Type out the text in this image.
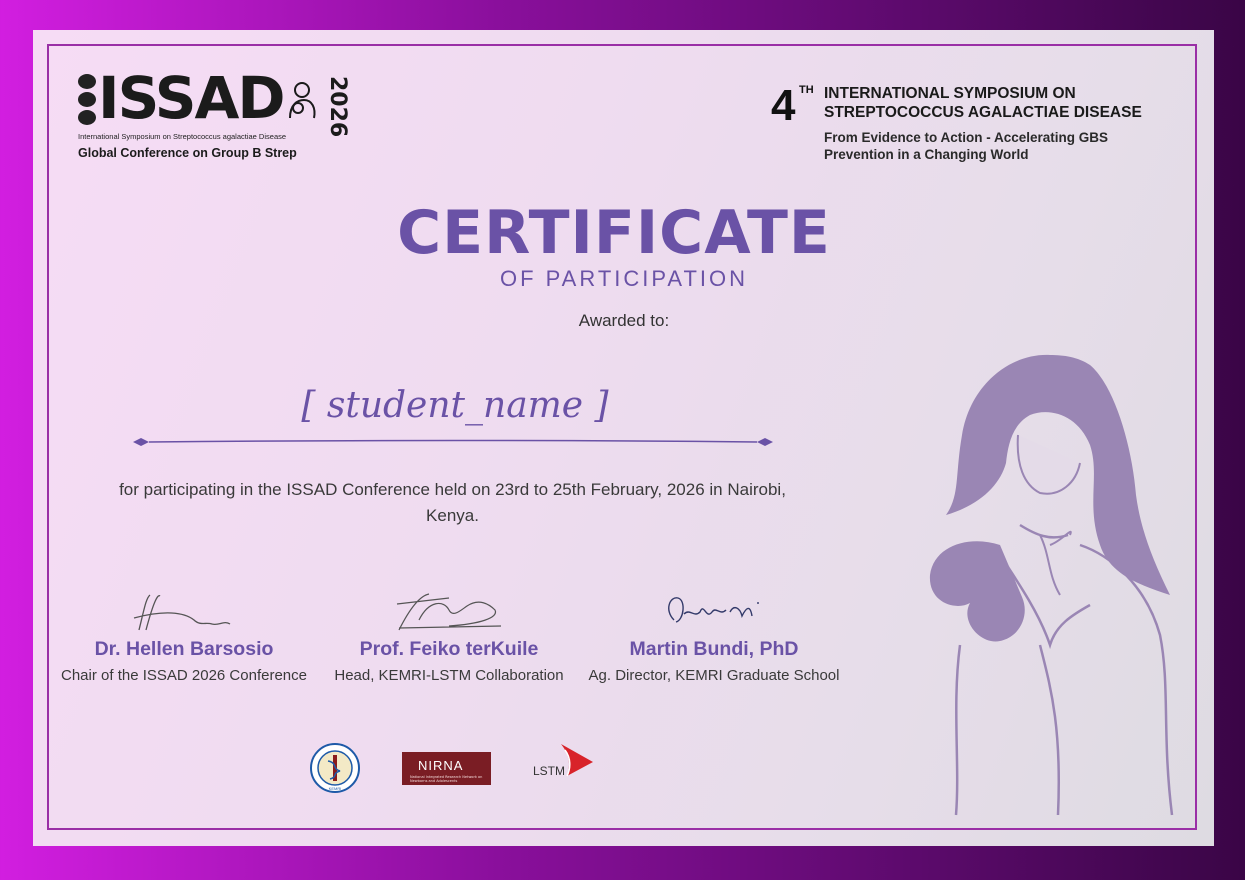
ISSAD 2026
International Symposium on Streptococcus agalactiae Disease
Global Conference on Group B Strep
4 TH INTERNATIONAL SYMPOSIUM ON STREPTOCOCCUS AGALACTIAE DISEASE
From Evidence to Action - Accelerating GBS Prevention in a Changing World
CERTIFICATE
OF PARTICIPATION
Awarded to:
[ student_name ]
for participating in the ISSAD Conference held on 23rd to 25th February, 2026 in Nairobi, Kenya.
Dr. Hellen Barsosio
Chair of the ISSAD 2026 Conference
Prof. Feiko terKuile
Head, KEMRI-LSTM Collaboration
Martin Bundi, PhD
Ag. Director, KEMRI Graduate School
KEMRI
NIRNA
National Integrated Research Network on Newborns and Adolescents
LSTM
